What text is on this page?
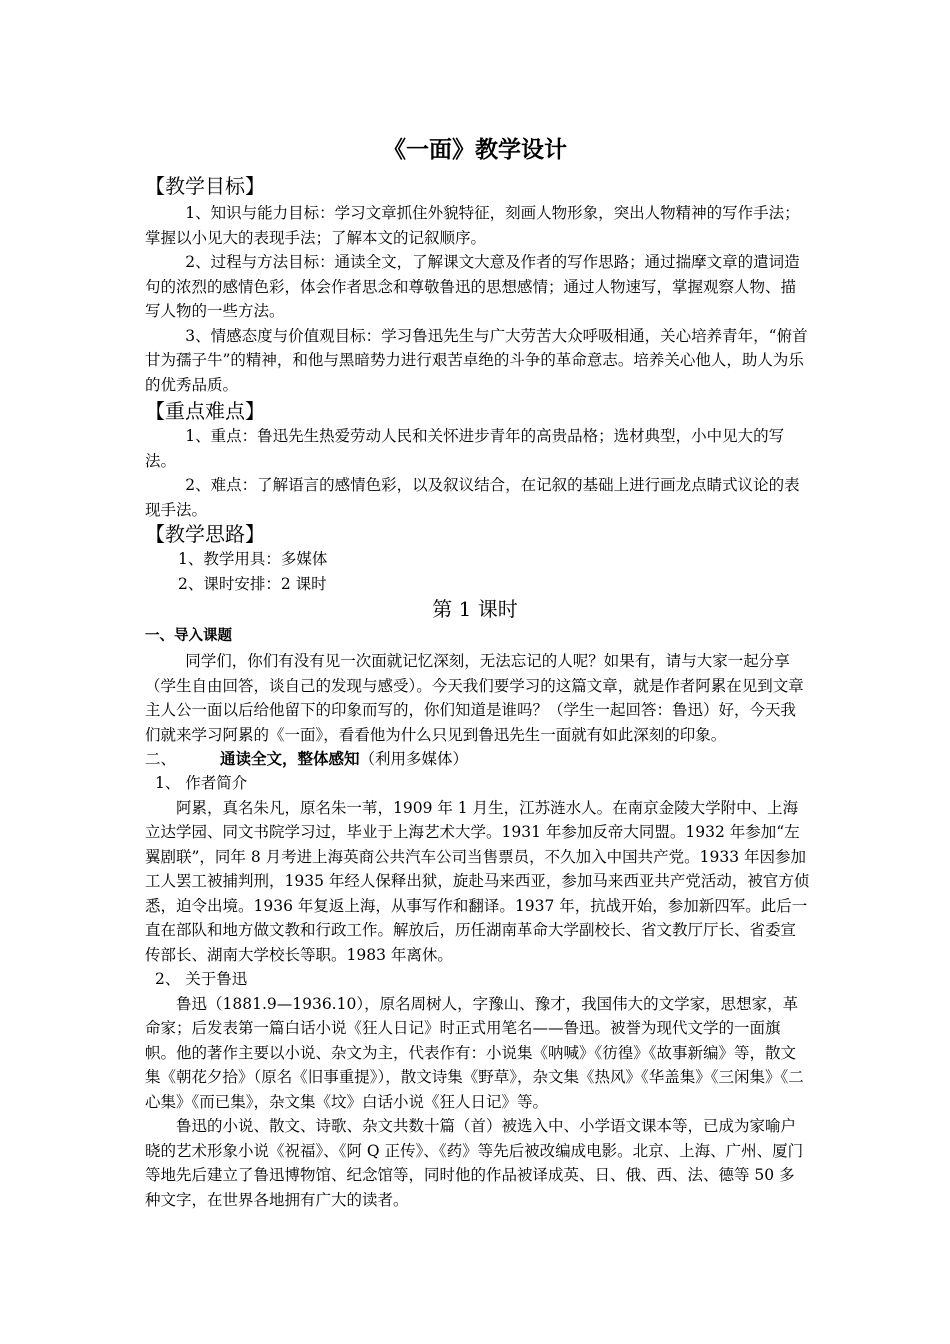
《一面》教学设计
【教学目标】

1、知识与能力目标：学习文章抓住外貌特征，刻画人物形象，突出人物精神的写作手法；掌握以小见大的表现手法；了解本文的记叙顺序。

2、过程与方法目标：通读全文，了解课文大意及作者的写作思路；通过揣摩文章的遣词造句的浓烈的感情色彩，体会作者思念和尊敬鲁迅的思想感情；通过人物速写，掌握观察人物、描写人物的一些方法。

3、情感态度与价值观目标：学习鲁迅先生与广大劳苦大众呼吸相通，关心培养青年，“俯首甘为孺子牛”的精神，和他与黑暗势力进行艰苦卓绝的斗争的革命意志。培养关心他人，助人为乐的优秀品质。

【重点难点】

1、重点：鲁迅先生热爱劳动人民和关怀进步青年的高贵品格；选材典型，小中见大的写法。

2、难点：了解语言的感情色彩，以及叙议结合，在记叙的基础上进行画龙点睛式议论的表现手法。

【教学思路】

1、教学用具：多媒体

2、课时安排：2 课时

第 1 课时
一、导入课题

同学们，你们有没有见一次面就记忆深刻，无法忘记的人呢？如果有，请与大家一起分享（学生自由回答，谈自己的发现与感受）。今天我们要学习的这篇文章，就是作者阿累在见到文章主人公一面以后给他留下的印象而写的，你们知道是谁吗？（学生一起回答：鲁迅）好，今天我们就来学习阿累的《一面》，看看他为什么只见到鲁迅先生一面就有如此深刻的印象。

二、	通读全文，整体感知（利用多媒体）

1、 作者简介

阿累，真名朱凡，原名朱一苇，1909 年 1 月生，江苏涟水人。在南京金陵大学附中、上海立达学园、同文书院学习过，毕业于上海艺术大学。1931 年参加反帝大同盟。1932 年参加“左翼剧联”，同年 8 月考进上海英商公共汽车公司当售票员，不久加入中国共产党。1933 年因参加工人罢工被捕判刑，1935 年经人保释出狱，旋赴马来西亚，参加马来西亚共产党活动，被官方侦悉，迫令出境。1936 年复返上海，从事写作和翻译。1937 年，抗战开始，参加新四军。此后一直在部队和地方做文教和行政工作。解放后，历任湖南革命大学副校长、省文教厅厅长、省委宣传部长、湖南大学校长等职。1983 年离休。

2、 关于鲁迅

鲁迅（1881.9—1936.10），原名周树人，字豫山、豫才，我国伟大的文学家，思想家，革命家；后发表第一篇白话小说《狂人日记》时正式用笔名——鲁迅。被誉为现代文学的一面旗帜。他的著作主要以小说、杂文为主，代表作有：小说集《呐喊》《彷徨》《故事新编》等，散文集《朝花夕拾》（原名《旧事重提》），散文诗集《野草》，杂文集《热风》《华盖集》《三闲集》《二心集》《而已集》，杂文集《坟》白话小说《狂人日记》等。

鲁迅的小说、散文、诗歌、杂文共数十篇（首）被选入中、小学语文课本等，已成为家喻户晓的艺术形象小说《祝福》、《阿 Q 正传》、《药》等先后被改编成电影。北京、上海、广州、厦门等地先后建立了鲁迅博物馆、纪念馆等，同时他的作品被译成英、日、俄、西、法、德等 50 多种文字，在世界各地拥有广大的读者。
